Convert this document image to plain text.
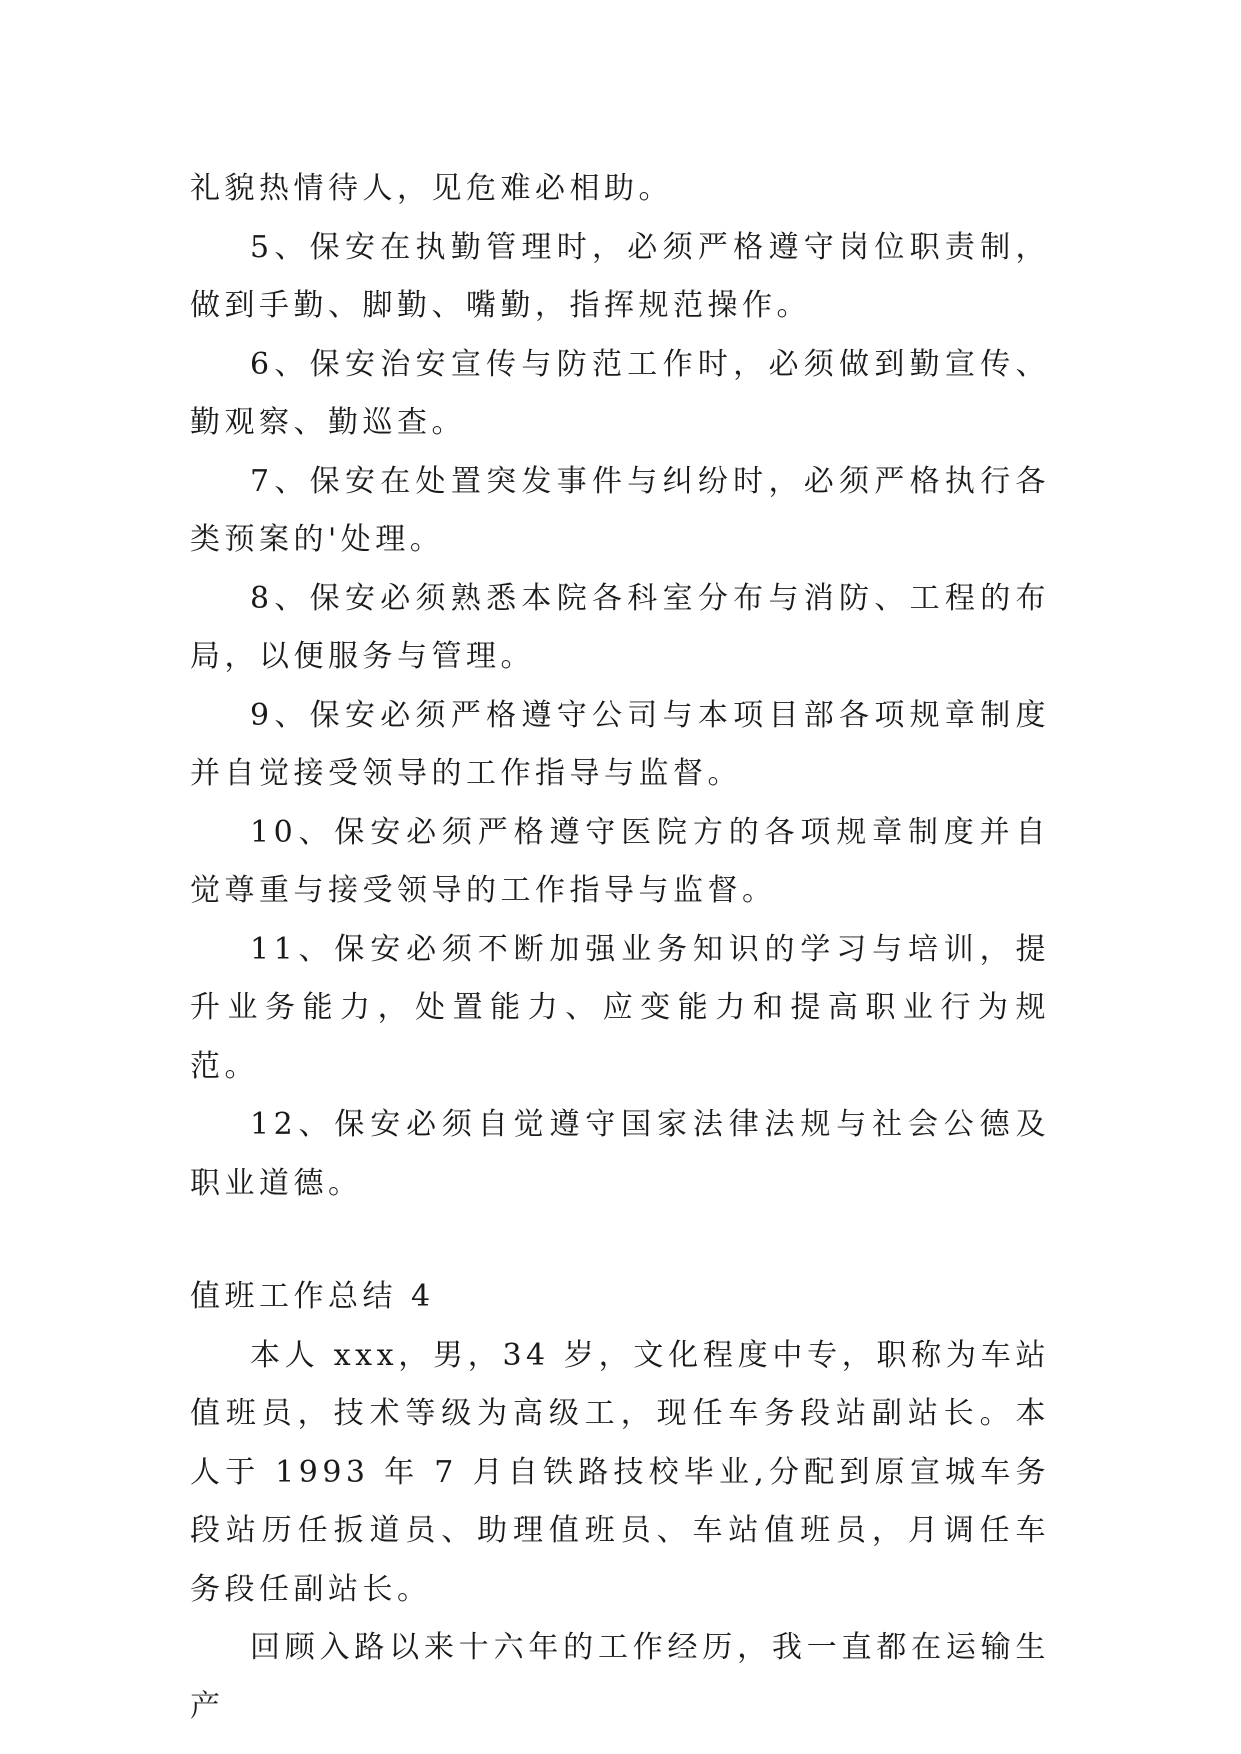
礼貌热情待人，见危难必相助。

5、保安在执勤管理时，必须严格遵守岗位职责制，做到手勤、脚勤、嘴勤，指挥规范操作。

6、保安治安宣传与防范工作时，必须做到勤宣传、勤观察、勤巡查。

7、保安在处置突发事件与纠纷时，必须严格执行各类预案的'处理。

8、保安必须熟悉本院各科室分布与消防、工程的布局，以便服务与管理。

9、保安必须严格遵守公司与本项目部各项规章制度并自觉接受领导的工作指导与监督。

10、保安必须严格遵守医院方的各项规章制度并自觉尊重与接受领导的工作指导与监督。

11、保安必须不断加强业务知识的学习与培训，提升业务能力，处置能力、应变能力和提高职业行为规范。

12、保安必须自觉遵守国家法律法规与社会公德及职业道德。

值班工作总结 4

本人 xxx，男，34 岁，文化程度中专，职称为车站值班员，技术等级为高级工，现任车务段站副站长。本人于 1993 年 7 月自铁路技校毕业,分配到原宣城车务段站历任扳道员、助理值班员、车站值班员，月调任车务段任副站长。

回顾入路以来十六年的工作经历，我一直都在运输生产
